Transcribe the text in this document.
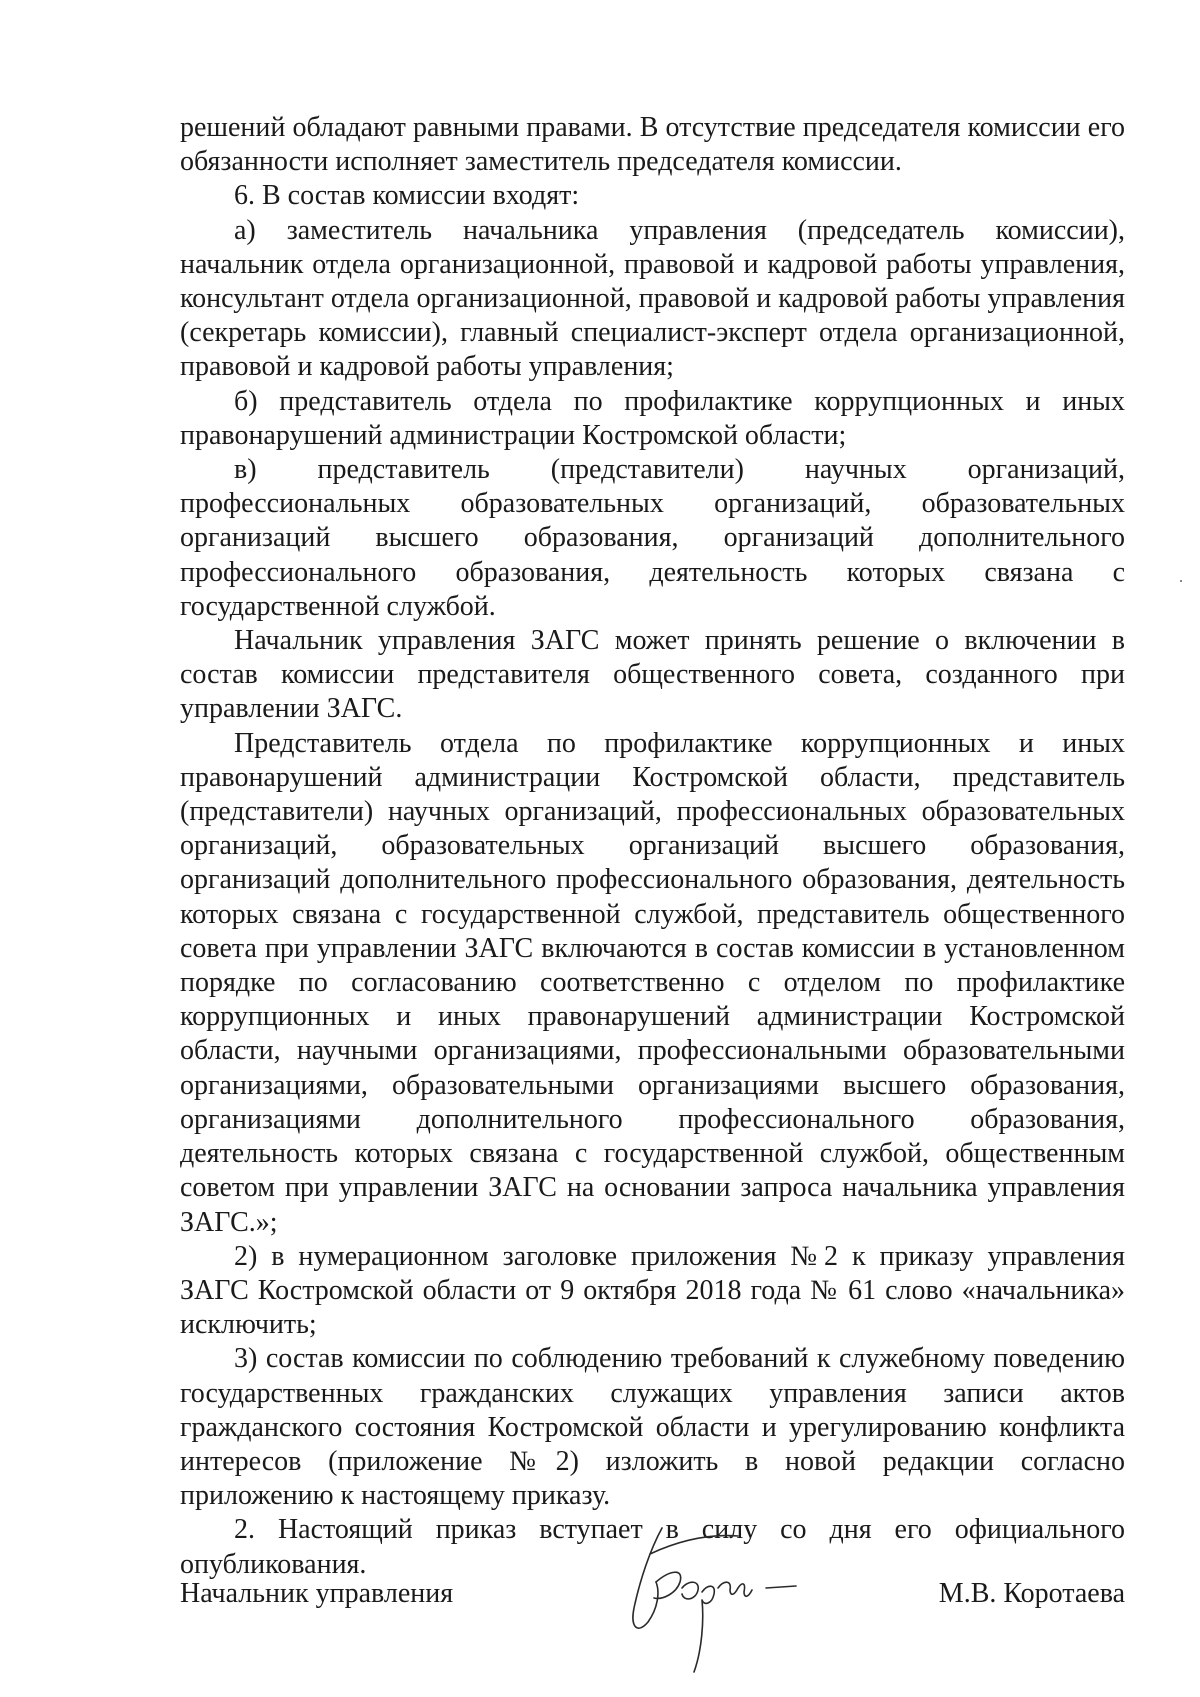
решений обладают равными правами. В отсутствие председателя комиссии его обязанности исполняет заместитель председателя комиссии.

6. В состав комиссии входят:

а) заместитель начальника управления (председатель комиссии), начальник отдела организационной, правовой и кадровой работы управления, консультант отдела организационной, правовой и кадровой работы управления (секретарь комиссии), главный специалист-эксперт отдела организационной, правовой и кадровой работы управления;

б) представитель отдела по профилактике коррупционных и иных правонарушений администрации Костромской области;

в) представитель (представители) научных организаций, профессиональных образовательных организаций, образовательных организаций высшего образования, организаций дополнительного профессионального образования, деятельность которых связана с государственной службой.

Начальник управления ЗАГС может принять решение о включении в состав комиссии представителя общественного совета, созданного при управлении ЗАГС.

Представитель отдела по профилактике коррупционных и иных правонарушений администрации Костромской области, представитель (представители) научных организаций, профессиональных образовательных организаций, образовательных организаций высшего образования, организаций дополнительного профессионального образования, деятельность которых связана с государственной службой, представитель общественного совета при управлении ЗАГС включаются в состав комиссии в установленном порядке по согласованию соответственно с отделом по профилактике коррупционных и иных правонарушений администрации Костромской области, научными организациями, профессиональными образовательными организациями, образовательными организациями высшего образования, организациями дополнительного профессионального образования, деятельность которых связана с государственной службой, общественным советом при управлении ЗАГС на основании запроса начальника управления ЗАГС.»;

2) в нумерационном заголовке приложения №2 к приказу управления ЗАГС Костромской области от 9 октября 2018 года № 61 слово «начальника» исключить;

3) состав комиссии по соблюдению требований к служебному поведению государственных гражданских служащих управления записи актов гражданского состояния Костромской области и урегулированию конфликта интересов (приложение №2) изложить в новой редакции согласно приложению к настоящему приказу.

2. Настоящий приказ вступает в силу со дня его официального опубликования.

Начальник управления	М.В. Коротаева
